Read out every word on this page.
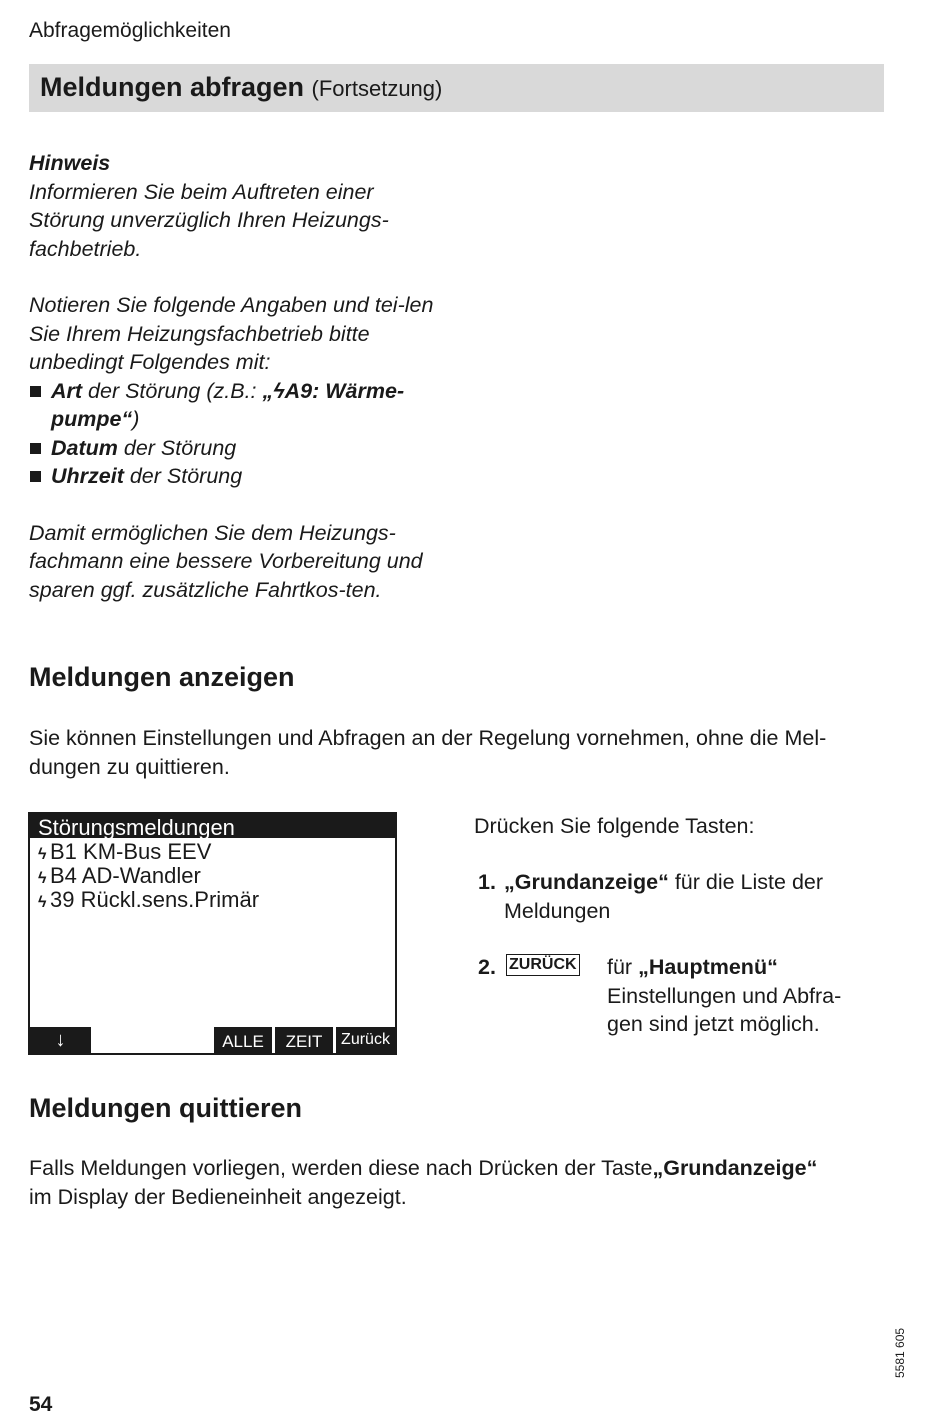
Abfragemöglichkeiten
Meldungen abfragen (Fortsetzung)

Hinweis

Informieren Sie beim Auftreten einer Störung unverzüglich Ihren Heizungs-fachbetrieb.

Notieren Sie folgende Angaben und tei-len Sie Ihrem Heizungsfachbetrieb bitte unbedingt Folgendes mit:

Art der Störung (z.B.: „ϟA9: Wärme-pumpe“)
Datum der Störung
Uhrzeit der Störung

Damit ermöglichen Sie dem Heizungs-fachmann eine bessere Vorbereitung und sparen ggf. zusätzliche Fahrtkos-ten.

Meldungen anzeigen
Sie können Einstellungen und Abfragen an der Regelung vornehmen, ohne die Mel-dungen zu quittieren.
Störungsmeldungen
ϟ B1 KM-Bus EEV
ϟ B4 AD-Wandler
ϟ 39 Rückl.sens.Primär
↓	ALLE	ZEIT	Zurück
Drücken Sie folgende Tasten:
1. „Grundanzeige“ für die Liste der Meldungen
2. ZURÜCK für „Hauptmenü“
Einstellungen und Abfra-gen sind jetzt möglich.
Meldungen quittieren
Falls Meldungen vorliegen, werden diese nach Drücken der Taste„Grundanzeige“
im Display der Bedieneinheit angezeigt.
54
5581 605
